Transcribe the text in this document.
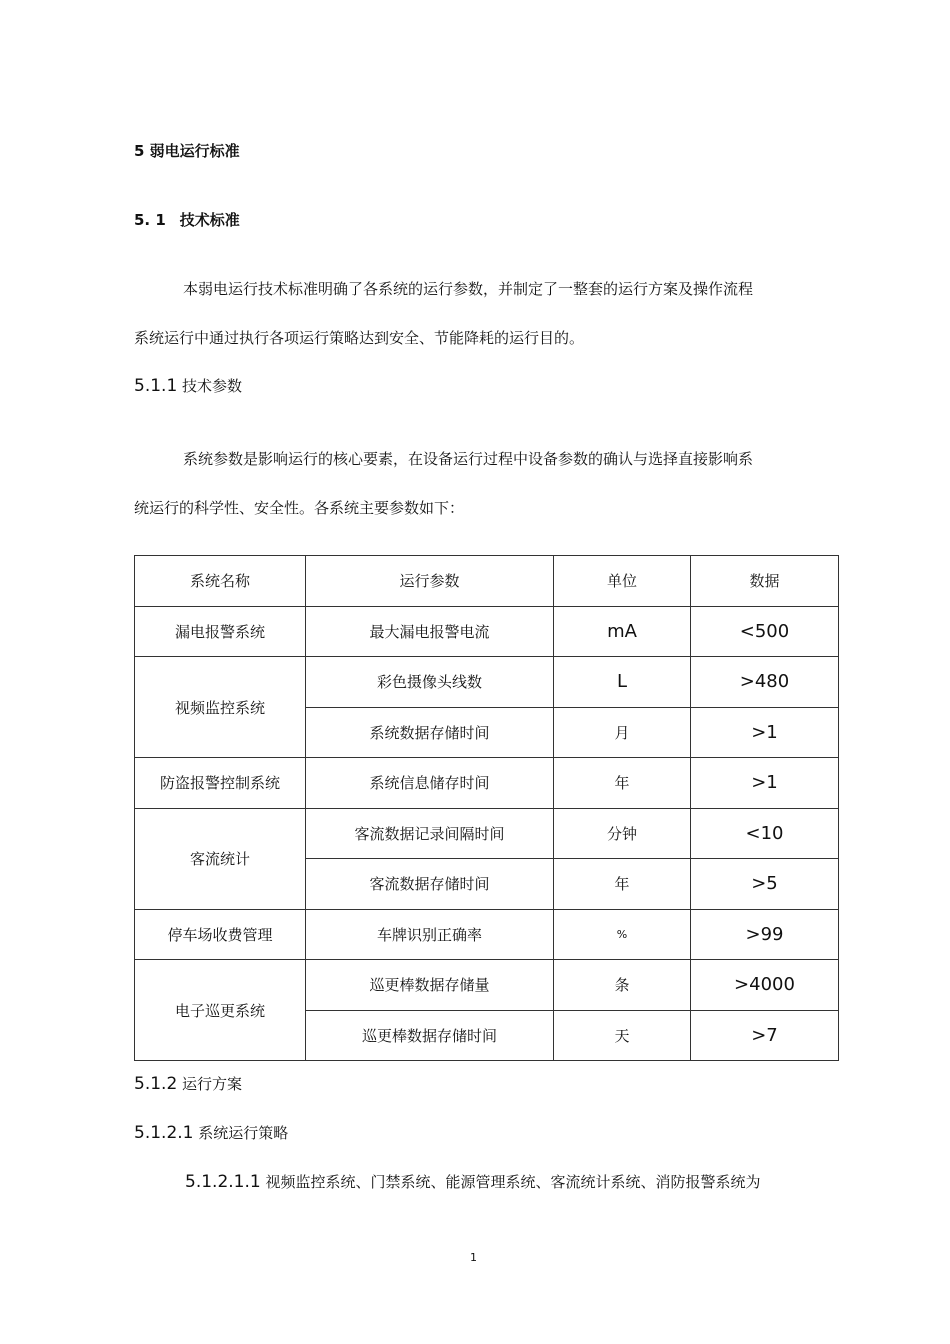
5 弱电运行标准
5. 1 技术标准
本弱电运行技术标准明确了各系统的运行参数，并制定了一整套的运行方案及操作流程
系统运行中通过执行各项运行策略达到安全、节能降耗的运行目的。
5.1.1 技术参数
系统参数是影响运行的核心要素，在设备运行过程中设备参数的确认与选择直接影响系
统运行的科学性、安全性。各系统主要参数如下：
系统名称	运行参数	单位	数据
漏电报警系统	最大漏电报警电流	mA	<500
视频监控系统	彩色摄像头线数	L	>480
	系统数据存储时间	月	>1
防盗报警控制系统	系统信息储存时间	年	>1
客流统计	客流数据记录间隔时间	分钟	<10
	客流数据存储时间	年	>5
停车场收费管理	车牌识别正确率	%	>99
电子巡更系统	巡更棒数据存储量	条	>4000
	巡更棒数据存储时间	天	>7
5.1.2 运行方案
5.1.2.1 系统运行策略
5.1.2.1.1 视频监控系统、门禁系统、能源管理系统、客流统计系统、消防报警系统为
1
